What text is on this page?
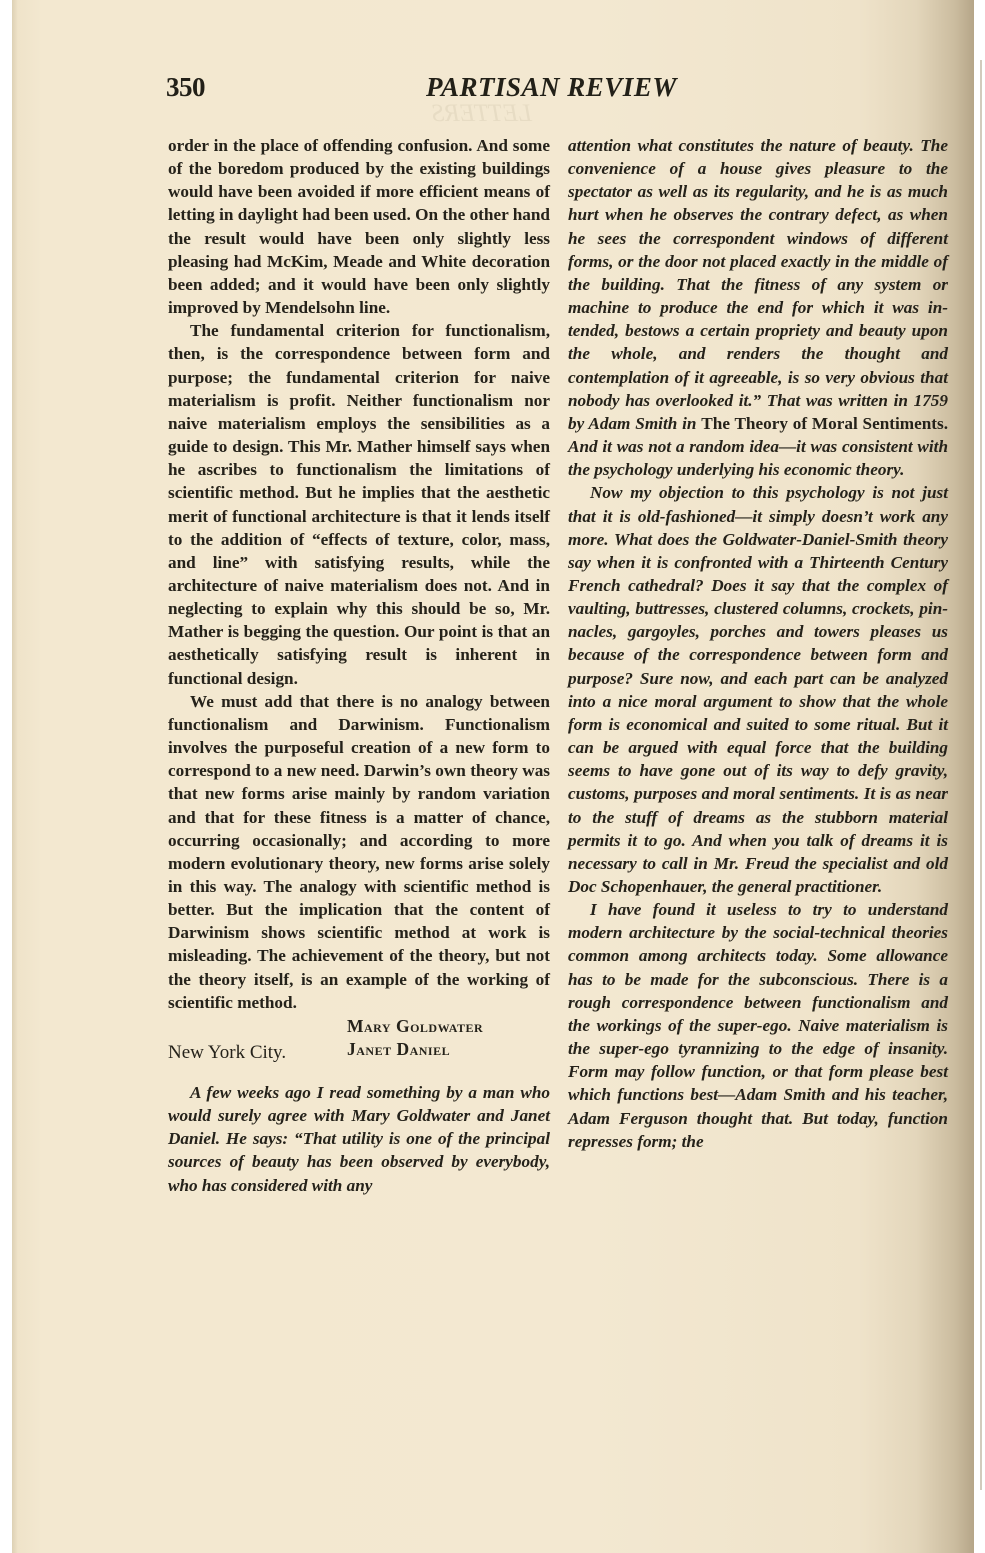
LETTERS
350	PARTISAN REVIEW

order in the place of offending confusion. And some of the boredom produced by the existing buildings would have been avoided if more efficient means of letting in daylight had been used. On the other hand the result would have been only slightly less pleasing had McKim, Meade and White decoration been added; and it would have been only slightly improved by Mendelsohn line.

The fundamental criterion for functionalism, then, is the correspondence between form and purpose; the fundamental criterion for naive materialism is profit. Neither functionalism nor naive materialism employs the sensibilities as a guide to design. This Mr. Mather himself says when he ascribes to functionalism the limitations of scientific method. But he implies that the aesthetic merit of functional architecture is that it lends itself to the addition of “effects of texture, color, mass, and line” with satisfying results, while the architecture of naive materialism does not. And in neglecting to explain why this should be so, Mr. Mather is begging the question. Our point is that an aesthetically satisfying result is inherent in functional design.

We must add that there is no analogy between functionalism and Darwinism. Functionalism involves the purposeful creation of a new form to correspond to a new need. Darwin’s own theory was that new forms arise mainly by random variation and that for these fitness is a matter of chance, occurring occasionally; and according to more modern evolutionary theory, new forms arise solely in this way. The analogy with scientific method is better. But the implication that the content of Darwinism shows scientific method at work is misleading. The achievement of the theory, but not the theory itself, is an example of the working of scientific method.

Mary Goldwater
New York City.	Janet Daniel

A few weeks ago I read something by a man who would surely agree with Mary Goldwater and Janet Daniel. He says: “That utility is one of the principal sources of beauty has been observed by everybody, who has considered with any

attention what constitutes the nature of beauty. The convenience of a house gives pleasure to the spectator as well as its regularity, and he is as much hurt when he observes the contrary defect, as when he sees the correspondent windows of different forms, or the door not placed exactly in the middle of the building. That the fitness of any system or machine to produce the end for which it was intended, bestows a certain propriety and beauty upon the whole, and renders the thought and contemplation of it agreeable, is so very obvious that nobody has overlooked it.” That was written in 1759 by Adam Smith in The Theory of Moral Sentiments. And it was not a random idea—it was consistent with the psychology underlying his economic theory.

Now my objection to this psychology is not just that it is old-fashioned—it simply doesn’t work any more. What does the Goldwater-Daniel-Smith theory say when it is confronted with a Thirteenth Century French cathedral? Does it say that the complex of vaulting, buttresses, clustered columns, crockets, pinnacles, gargoyles, porches and towers pleases us because of the correspondence between form and purpose? Sure now, and each part can be analyzed into a nice moral argument to show that the whole form is economical and suited to some ritual. But it can be argued with equal force that the building seems to have gone out of its way to defy gravity, customs, purposes and moral sentiments. It is as near to the stuff of dreams as the stubborn material permits it to go. And when you talk of dreams it is necessary to call in Mr. Freud the specialist and old Doc Schopenhauer, the general practitioner.

I have found it useless to try to understand modern architecture by the social-technical theories common among architects today. Some allowance has to be made for the subconscious. There is a rough correspondence between functionalism and the workings of the super-ego. Naive materialism is the super-ego tyrannizing to the edge of insanity. Form may follow function, or that form please best which functions best—Adam Smith and his teacher, Adam Ferguson thought that. But today, function represses form; the
